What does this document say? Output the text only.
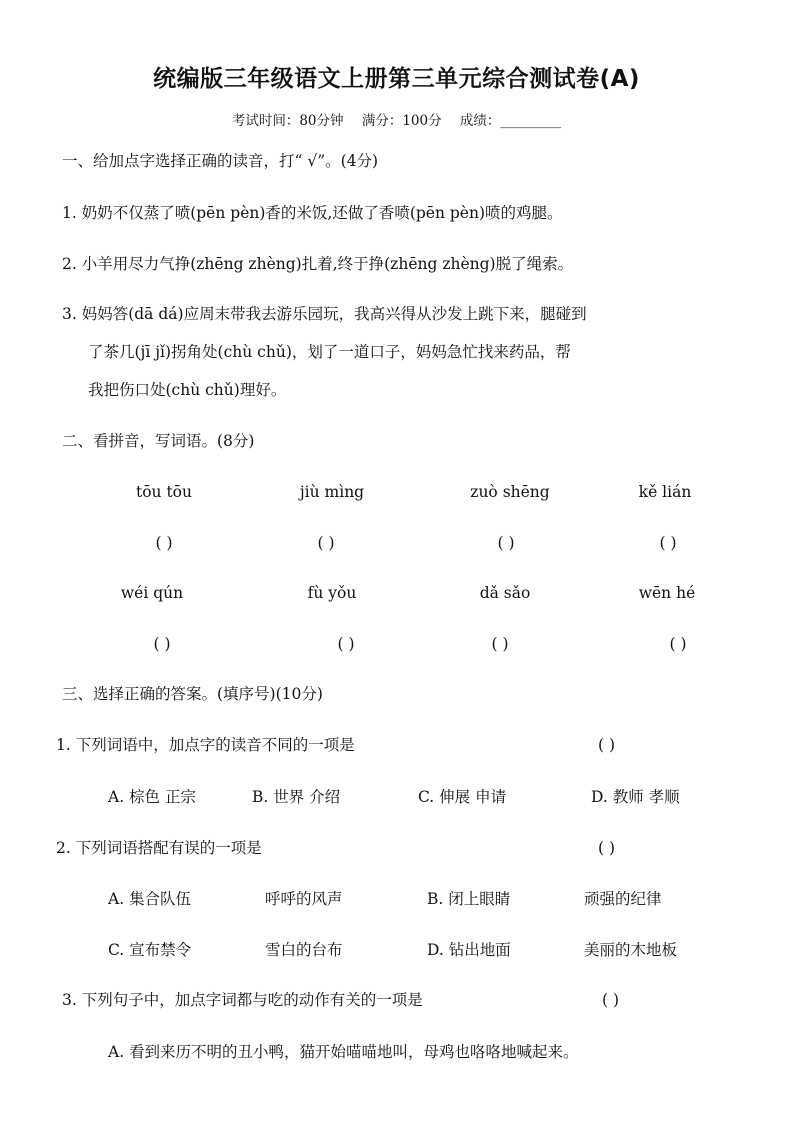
统编版三年级语文上册第三单元综合测试卷(A)
考试时间：80分钟 满分：100分 成绩：_________
一、给加点字选择正确的读音，打“ √”。(4分)
1. 奶奶不仅蒸了喷(pēn pèn)香的米饭,还做了香喷(pēn pèn)喷的鸡腿。
2. 小羊用尽力气挣(zhēng zhèng)扎着,终于挣(zhēng zhèng)脱了绳索。
3. 妈妈答(dā dá)应周末带我去游乐园玩，我高兴得从沙发上跳下来，腿碰到
了茶几(jī jǐ)拐角处(chù chǔ)，划了一道口子，妈妈急忙找来药品，帮
我把伤口处(chù chǔ)理好。
二、看拼音，写词语。(8分)
tōu tōu	jiù mìng	zuò shēng	kě lián
( )	( )	( )	( )
wéi qún	fù yǒu	dǎ sǎo	wēn hé
( )	( )	( )	( )
三、选择正确的答案。(填序号)(10分)
1. 下列词语中，加点字的读音不同的一项是	( )
A. 棕色 正宗	B. 世界 介绍	C. 伸展 申请	D. 教师 孝顺
2. 下列词语搭配有误的一项是	( )
A. 集合队伍	呼呼的风声	B. 闭上眼睛	顽强的纪律
C. 宣布禁令	雪白的台布	D. 钻出地面	美丽的木地板
3. 下列句子中，加点字词都与吃的动作有关的一项是	( )
A. 看到来历不明的丑小鸭，猫开始喵喵地叫，母鸡也咯咯地喊起来。
